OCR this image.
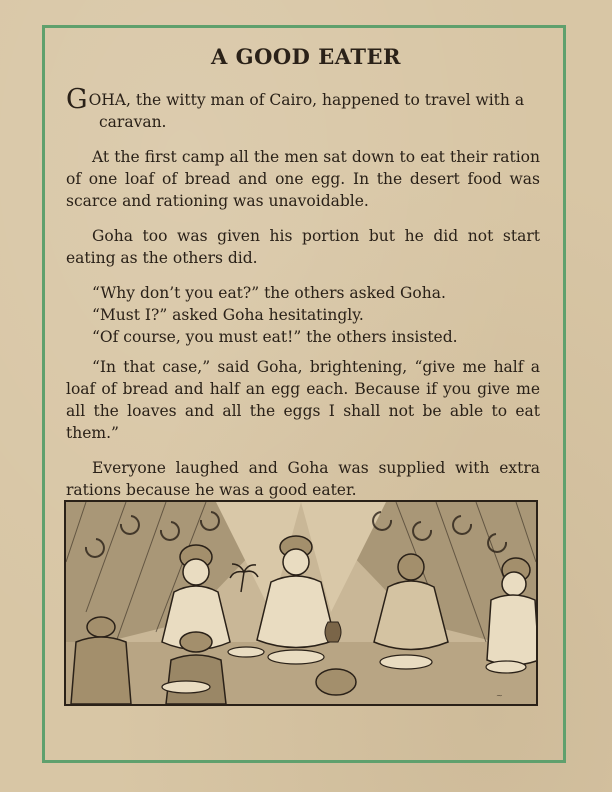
A GOOD EATER

GOHA, the witty man of Cairo, happened to travel with a
caravan.

At the first camp all the men sat down to eat their ration of one loaf of bread and one egg. In the desert food was scarce and rationing was unavoidable.

Goha too was given his portion but he did not start eating as the others did.

“Why don’t you eat?” the others asked Goha.

“Must I?” asked Goha hesitatingly.

“Of course, you must eat!” the others insisted.

“In that case,” said Goha, brightening, “give me half a loaf of bread and half an egg each. Because if you give me all the loaves and all the eggs I shall not be able to eat them.”

Everyone laughed and Goha was supplied with extra rations because he was a good eater.

~
